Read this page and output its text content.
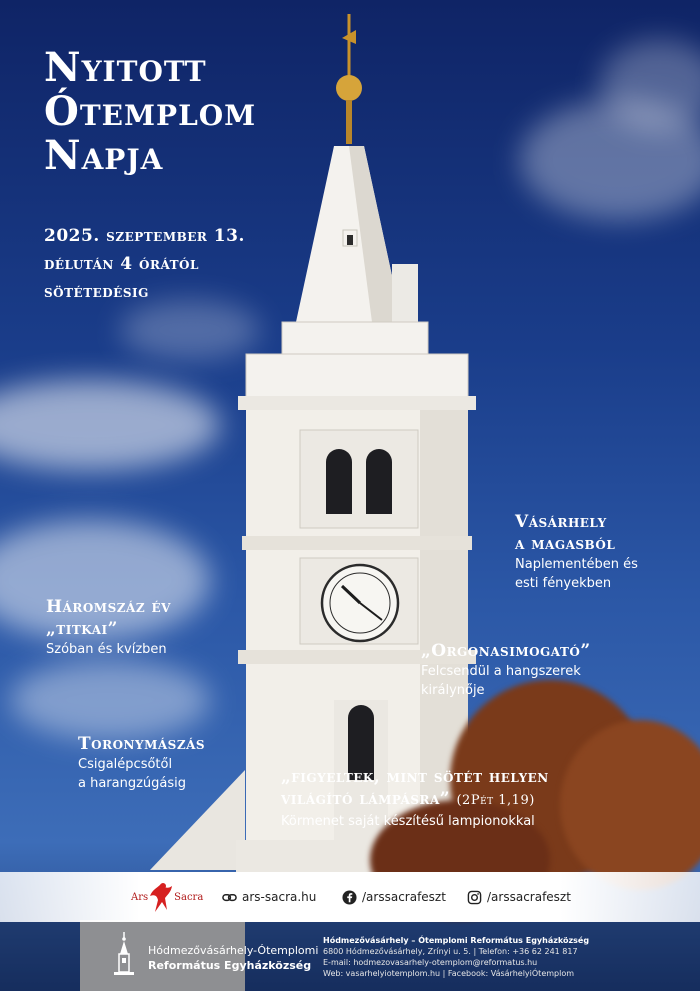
Nyitott
Ótemplom
Napja
2025. szeptember 13.
délután 4 órától
sötétedésig
Vásárhely
a magasból
Naplementében és
esti fényekben
Háromszáz év
„titkai”
Szóban és kvízben	„Orgonasimogató”
Felcsendül a hangszerek
királynője
Toronymászás
Csigalépcsőtől
a harangzúgásig	„figyeltek, mint sötét helyen
világító lámpásra” (2Pét 1,19)
Körmenet saját készítésű lampionokkal
Ars	Sacra	ars-sacra.hu	/arssacrafeszt	/arssacrafeszt
Hódmezővásárhely-Ótemplomi
Református Egyházközség
Hódmezővásárhely – Ótemplomi Református Egyházközség
6800 Hódmezővásárhely, Zrínyi u. 5. | Telefon: +36 62 241 817
E-mail: hodmezovasarhely-otemplom@reformatus.hu
Web: vasarhelyiotemplom.hu | Facebook: VásárhelyiÓtemplom
